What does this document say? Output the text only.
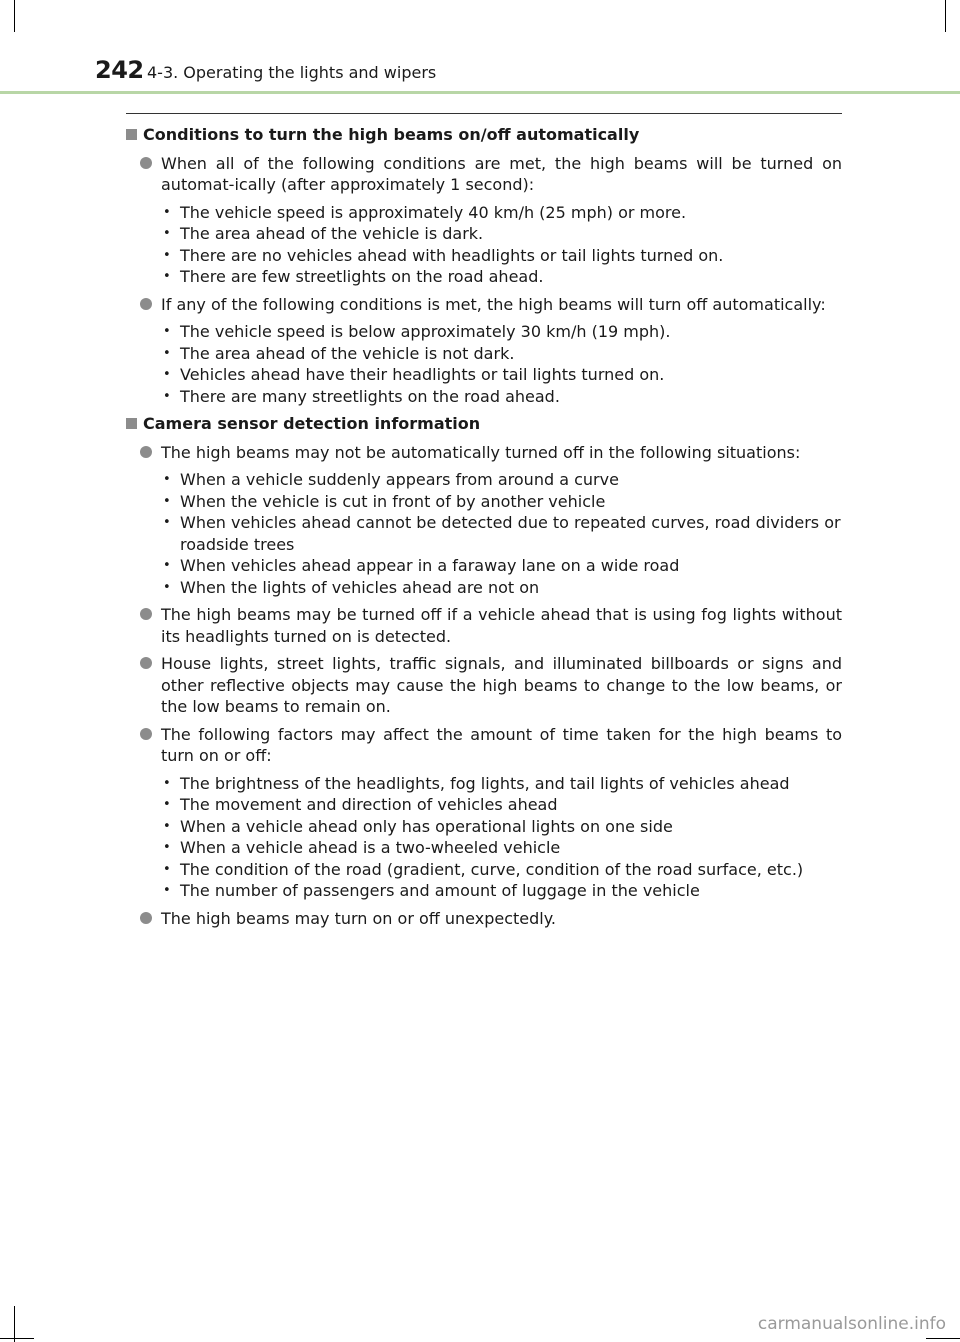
242 4-3. Operating the lights and wipers
Conditions to turn the high beams on/off automatically
When all of the following conditions are met, the high beams will be turned on automat-ically (after approximately 1 second):
• The vehicle speed is approximately 40 km/h (25 mph) or more.
• The area ahead of the vehicle is dark.
• There are no vehicles ahead with headlights or tail lights turned on.
• There are few streetlights on the road ahead.
If any of the following conditions is met, the high beams will turn off automatically:
• The vehicle speed is below approximately 30 km/h (19 mph).
• The area ahead of the vehicle is not dark.
• Vehicles ahead have their headlights or tail lights turned on.
• There are many streetlights on the road ahead.
Camera sensor detection information
The high beams may not be automatically turned off in the following situations:
• When a vehicle suddenly appears from around a curve
• When the vehicle is cut in front of by another vehicle
• When vehicles ahead cannot be detected due to repeated curves, road dividers or roadside trees
• When vehicles ahead appear in a faraway lane on a wide road
• When the lights of vehicles ahead are not on
The high beams may be turned off if a vehicle ahead that is using fog lights without its headlights turned on is detected.
House lights, street lights, traffic signals, and illuminated billboards or signs and other reflective objects may cause the high beams to change to the low beams, or the low beams to remain on.
The following factors may affect the amount of time taken for the high beams to turn on or off:
• The brightness of the headlights, fog lights, and tail lights of vehicles ahead
• The movement and direction of vehicles ahead
• When a vehicle ahead only has operational lights on one side
• When a vehicle ahead is a two-wheeled vehicle
• The condition of the road (gradient, curve, condition of the road surface, etc.)
• The number of passengers and amount of luggage in the vehicle
The high beams may turn on or off unexpectedly.
carmanualsonline.info
